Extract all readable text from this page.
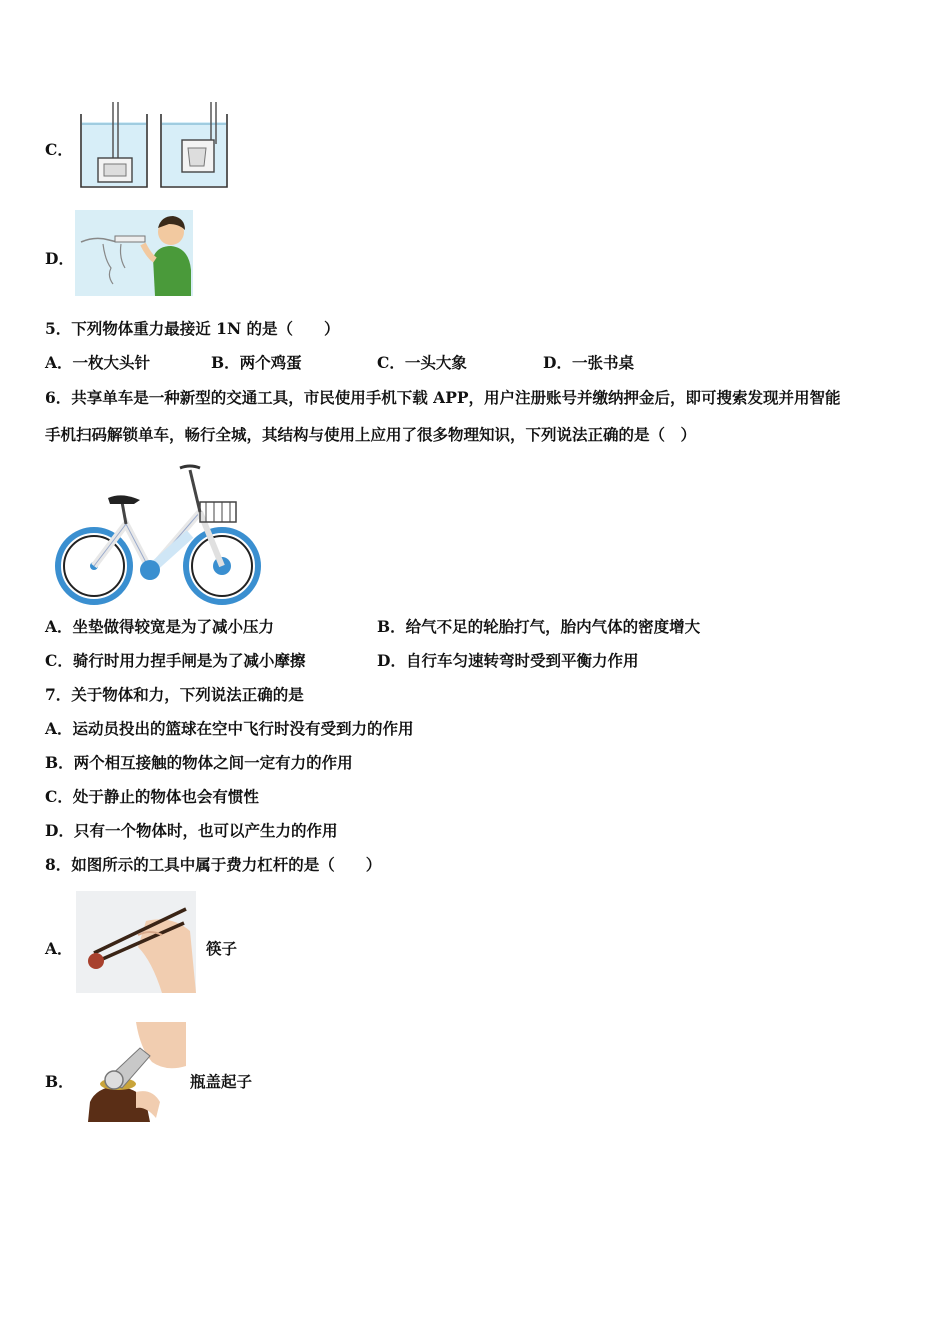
C．
D．
5．下列物体重力最接近 1N 的是（　　）
A．一枚大头针	B．两个鸡蛋	C．一头大象	D．一张书桌
6．共享单车是一种新型的交通工具，市民使用手机下载 APP，用户注册账号并缴纳押金后，即可搜索发现并用智能
手机扫码解锁单车，畅行全城，其结构与使用上应用了很多物理知识，下列说法正确的是（　）
A．坐垫做得较宽是为了减小压力	B．给气不足的轮胎打气，胎内气体的密度增大
C．骑行时用力捏手闸是为了减小摩擦	D．自行车匀速转弯时受到平衡力作用
7．关于物体和力，下列说法正确的是
A．运动员投出的篮球在空中飞行时没有受到力的作用
B．两个相互接触的物体之间一定有力的作用
C．处于静止的物体也会有惯性
D．只有一个物体时，也可以产生力的作用
8．如图所示的工具中属于费力杠杆的是（　　）
A．	筷子
B．	瓶盖起子
